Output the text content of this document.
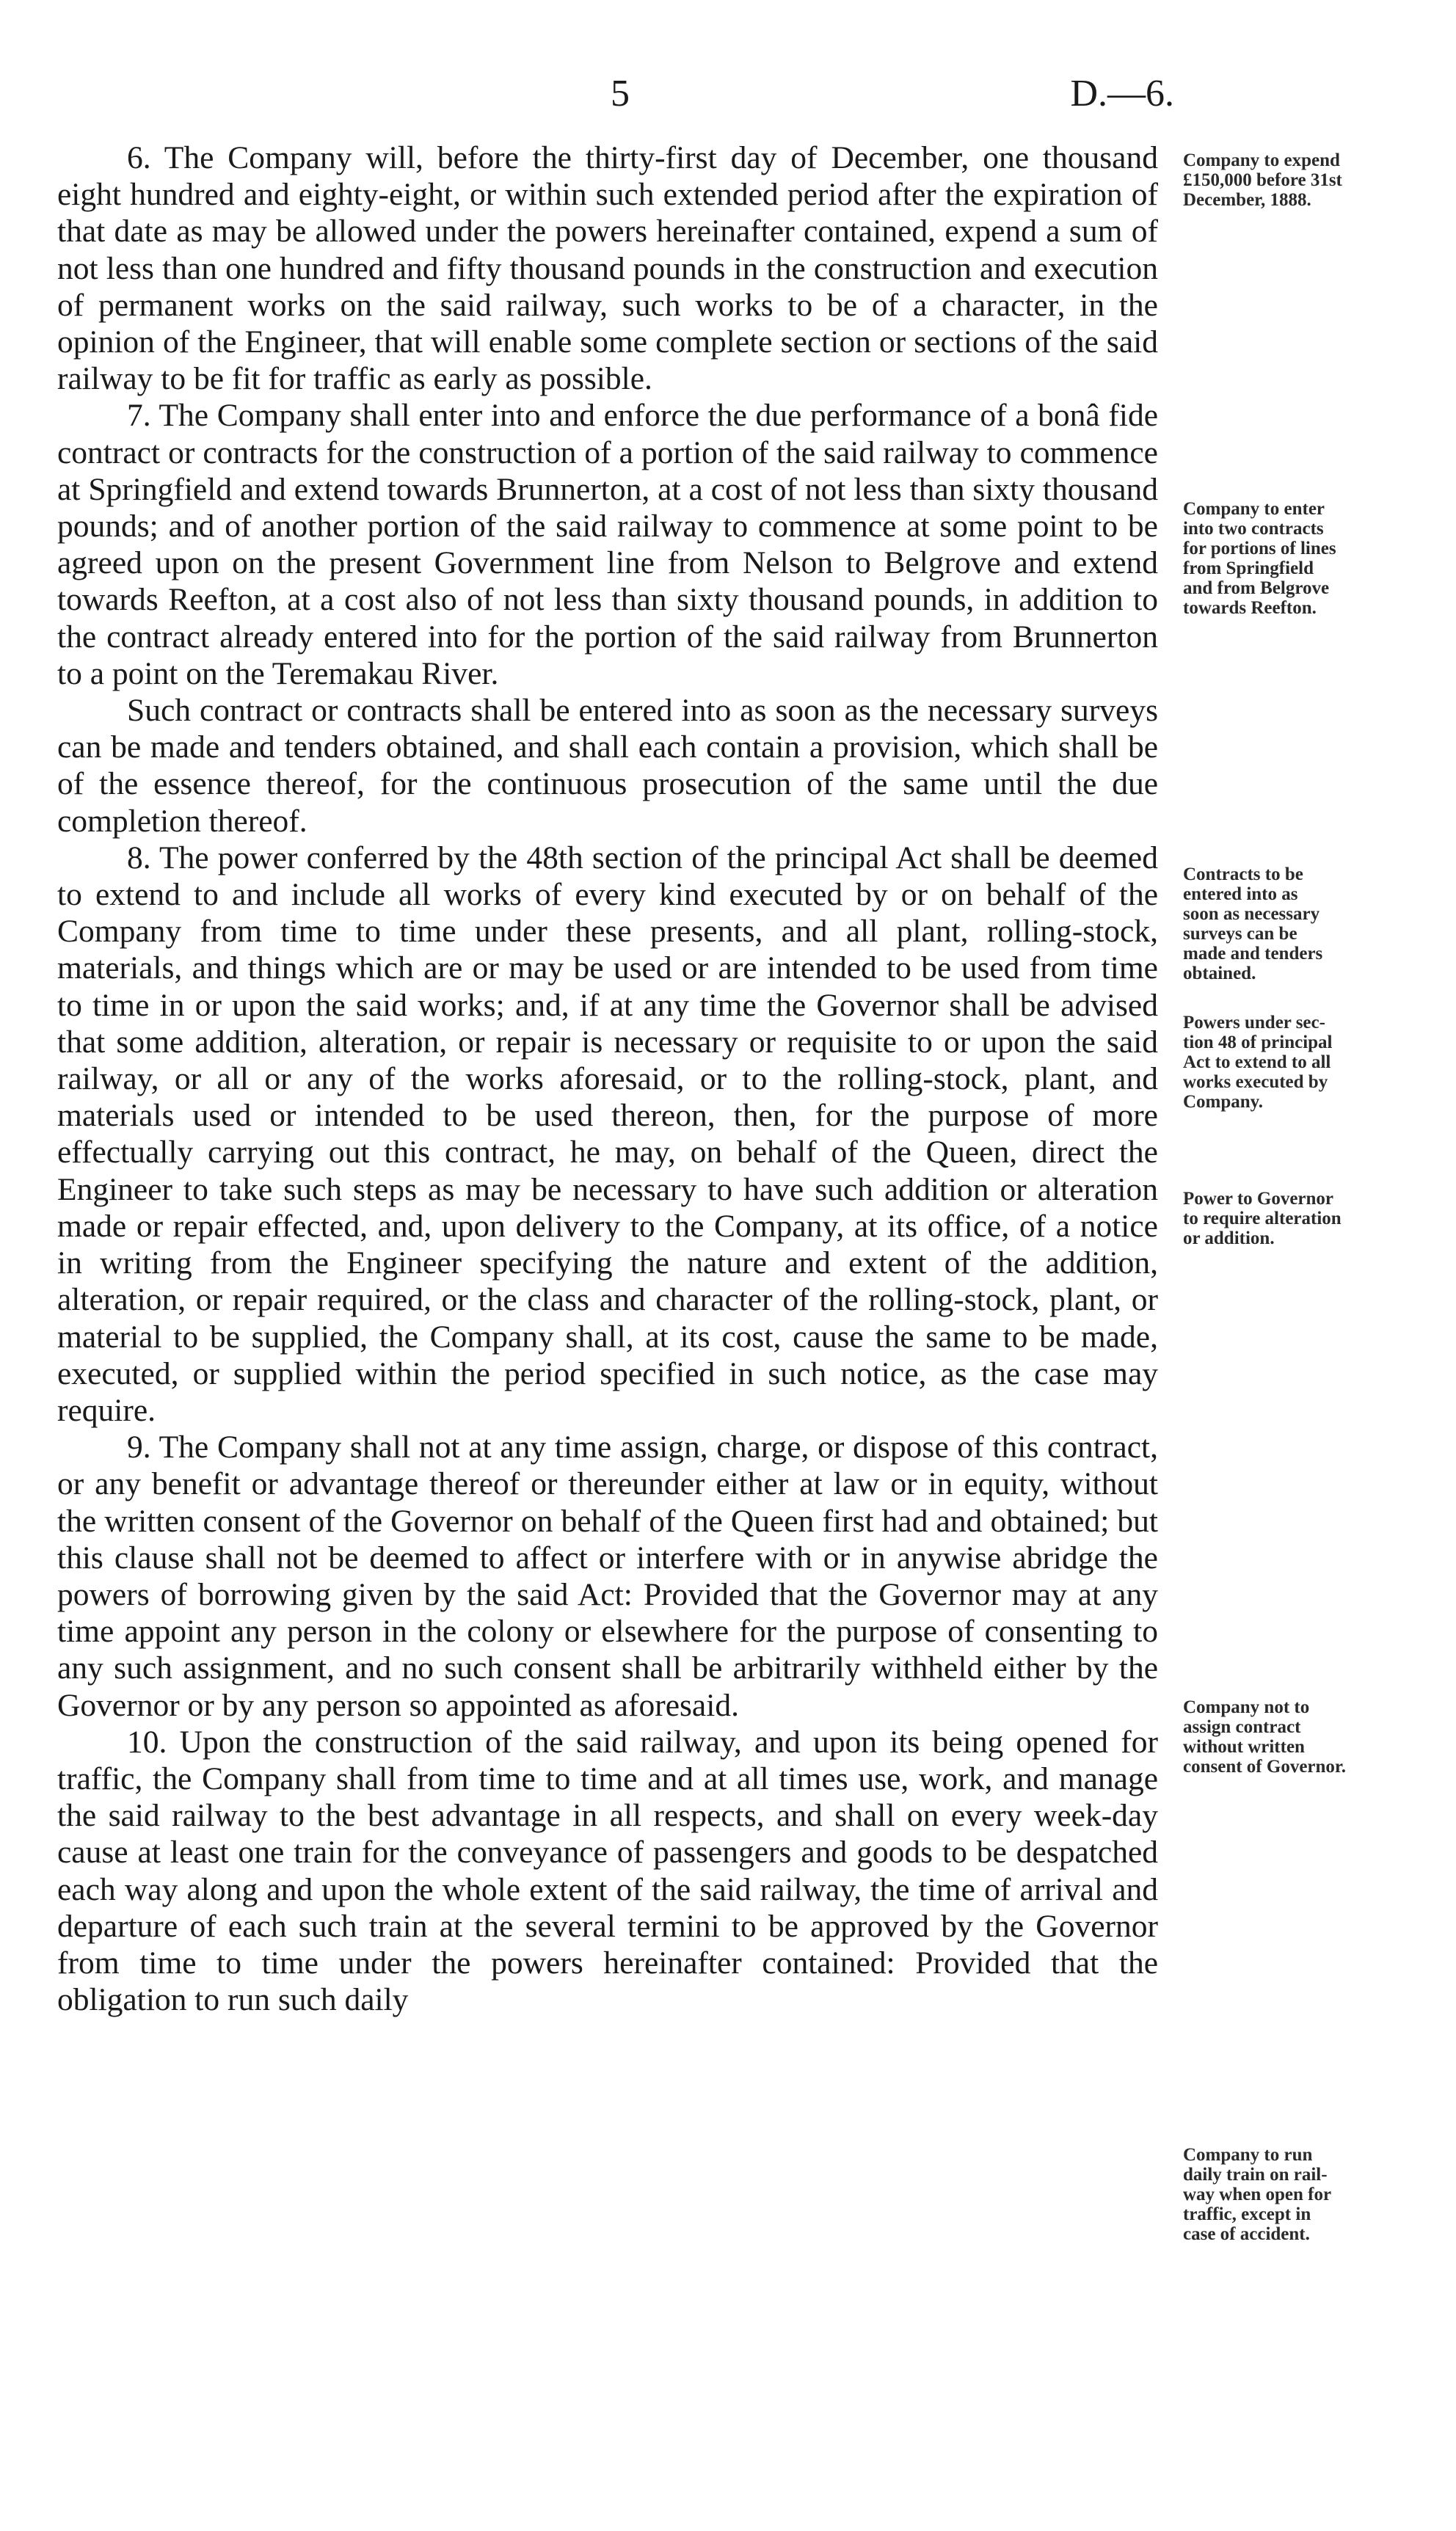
5	D.—6.

6. The Company will, before the thirty-first day of December, one thousand eight hundred and eighty-eight, or within such extended period after the expiration of that date as may be allowed under the powers hereinafter contained, expend a sum of not less than one hundred and fifty thousand pounds in the construction and execution of permanent works on the said railway, such works to be of a character, in the opinion of the Engineer, that will enable some complete section or sections of the said railway to be fit for traffic as early as possible.

7. The Company shall enter into and enforce the due performance of a bonâ fide contract or contracts for the construction of a portion of the said railway to commence at Springfield and extend towards Brunnerton, at a cost of not less than sixty thousand pounds; and of another portion of the said railway to commence at some point to be agreed upon on the present Government line from Nelson to Belgrove and extend towards Reefton, at a cost also of not less than sixty thousand pounds, in addition to the contract already entered into for the portion of the said railway from Brunnerton to a point on the Teremakau River.

Such contract or contracts shall be entered into as soon as the necessary surveys can be made and tenders obtained, and shall each contain a provision, which shall be of the essence thereof, for the continuous prosecution of the same until the due completion thereof.

8. The power conferred by the 48th section of the principal Act shall be deemed to extend to and include all works of every kind executed by or on behalf of the Company from time to time under these presents, and all plant, rolling-stock, materials, and things which are or may be used or are intended to be used from time to time in or upon the said works; and, if at any time the Governor shall be advised that some addition, alteration, or repair is necessary or requisite to or upon the said railway, or all or any of the works aforesaid, or to the rolling-stock, plant, and materials used or intended to be used thereon, then, for the purpose of more effectually carrying out this contract, he may, on behalf of the Queen, direct the Engineer to take such steps as may be necessary to have such addition or alteration made or repair effected, and, upon delivery to the Company, at its office, of a notice in writing from the Engineer specifying the nature and extent of the addition, alteration, or repair required, or the class and character of the rolling-stock, plant, or material to be supplied, the Company shall, at its cost, cause the same to be made, executed, or supplied within the period specified in such notice, as the case may require.

9. The Company shall not at any time assign, charge, or dispose of this contract, or any benefit or advantage thereof or thereunder either at law or in equity, without the written consent of the Governor on behalf of the Queen first had and obtained; but this clause shall not be deemed to affect or interfere with or in anywise abridge the powers of borrowing given by the said Act: Provided that the Governor may at any time appoint any person in the colony or elsewhere for the purpose of consenting to any such assignment, and no such consent shall be arbitrarily withheld either by the Governor or by any person so appointed as aforesaid.

10. Upon the construction of the said railway, and upon its being opened for traffic, the Company shall from time to time and at all times use, work, and manage the said railway to the best advantage in all respects, and shall on every week-day cause at least one train for the conveyance of passengers and goods to be despatched each way along and upon the whole extent of the said railway, the time of arrival and departure of each such train at the several termini to be approved by the Governor from time to time under the powers hereinafter contained: Provided that the obligation to run such daily

Company to expend
£150,000 before 31st
December, 1888.
Company to enter
into two contracts
for portions of lines
from Springfield
and from Belgrove
towards Reefton.
Contracts to be
entered into as
soon as necessary
surveys can be
made and tenders
obtained.
Powers under sec-
tion 48 of principal
Act to extend to all
works executed by
Company.
Power to Governor
to require alteration
or addition.
Company not to
assign contract
without written
consent of Governor.
Company to run
daily train on rail-
way when open for
traffic, except in
case of accident.
